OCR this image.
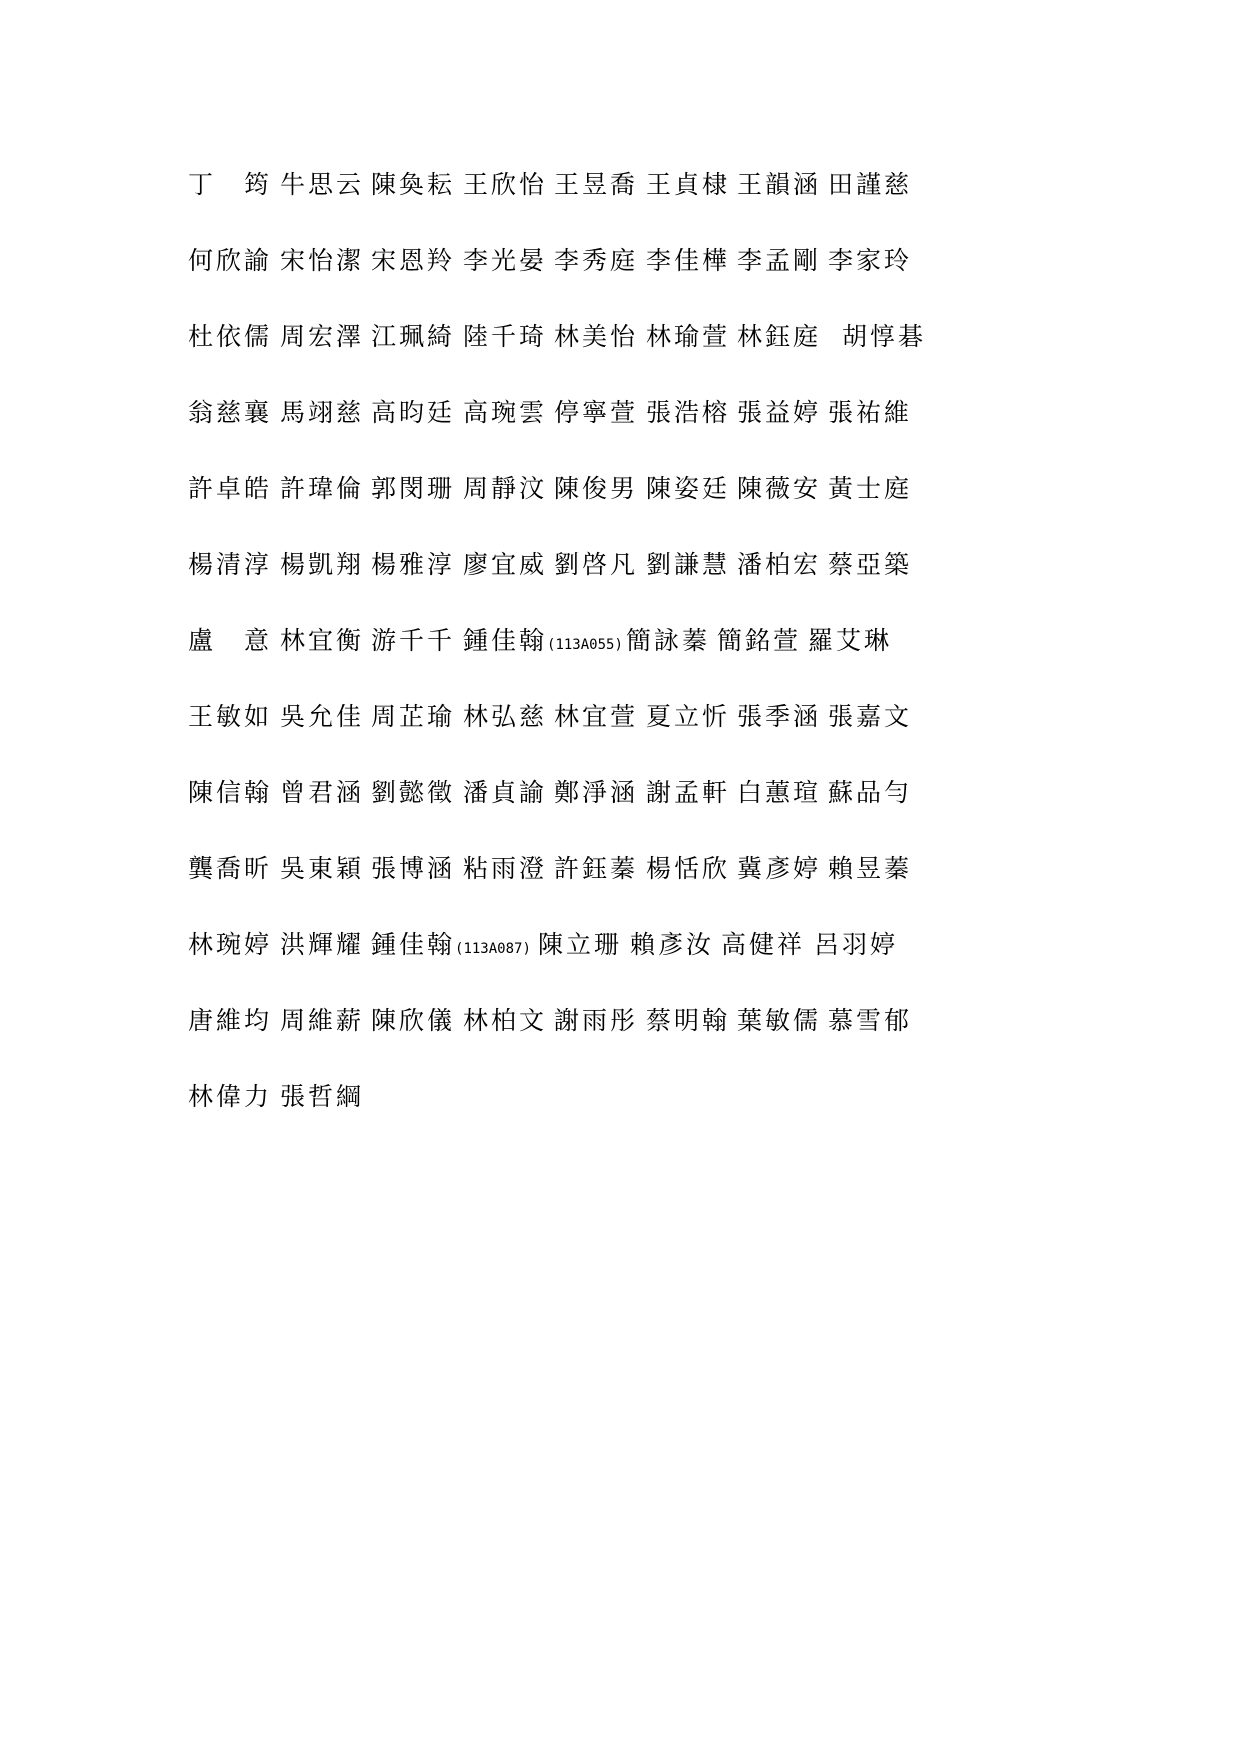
丁　筠 牛思云 陳奐耘 王欣怡 王昱喬 王貞棣 王韻涵 田謹慈
何欣諭 宋怡潔 宋恩羚 李光晏 李秀庭 李佳樺 李孟剛 李家玲
杜依儒 周宏澤 江珮綺 陸千琦 林美怡 林瑜萱 林鈺庭 胡惇碁
翁慈襄 馬翊慈 高昀廷 高琬雲 停寧萱 張浩榕 張益婷 張祐維
許卓皓 許瑋倫 郭閔珊 周靜汶 陳俊男 陳姿廷 陳薇安 黃士庭
楊清淳 楊凱翔 楊雅淳 廖宜威 劉啓凡 劉謙慧 潘柏宏 蔡亞築
盧　意 林宜衡 游千千 鍾佳翰(113A055) 簡詠蓁 簡銘萱 羅艾琳
王敏如 吳允佳 周芷瑜 林弘慈 林宜萱 夏立忻 張季涵 張嘉文
陳信翰 曾君涵 劉懿徵 潘貞諭 鄭淨涵 謝孟軒 白蕙瑄 蘇品勻
龔喬昕 吳東穎 張博涵 粘雨澄 許鈺蓁 楊恬欣 冀彥婷 賴昱蓁
林琬婷 洪輝耀 鍾佳翰(113A087) 陳立珊 賴彥汝 高健祥 呂羽婷
唐維均 周維薪 陳欣儀 林柏文 謝雨彤 蔡明翰 葉敏儒 慕雪郁
林偉力 張哲綱
